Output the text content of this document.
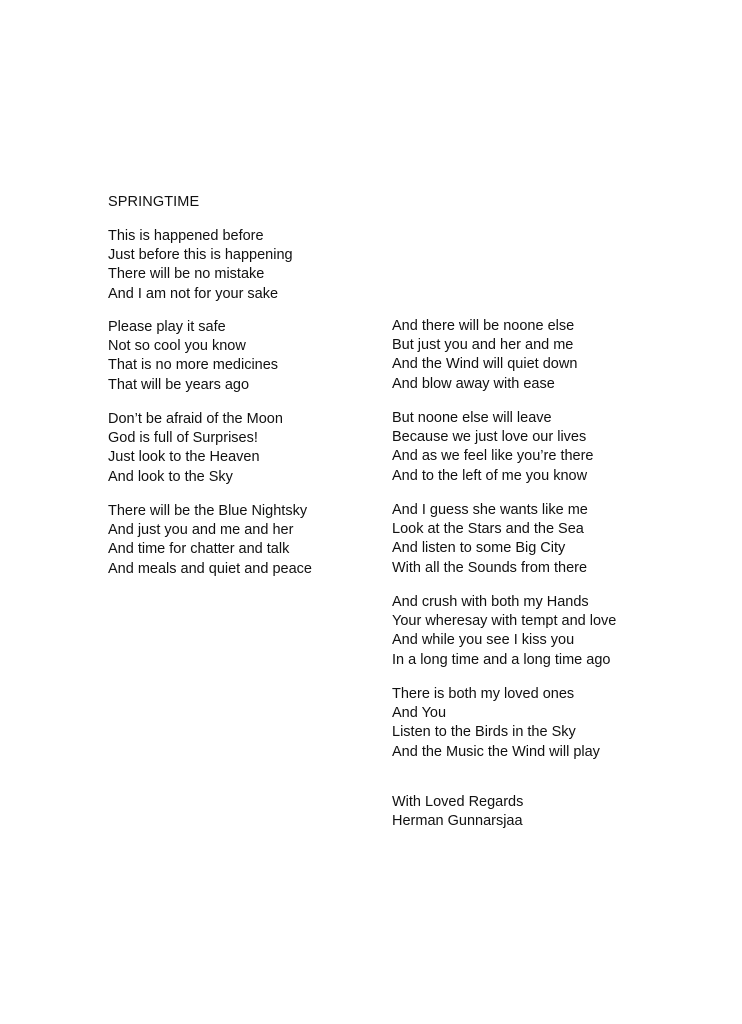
SPRINGTIME
This is happened before
Just before this is happening
There will be no mistake
And I am not for your sake
Please play it safe
Not so cool you know
That is no more medicines
That will be years ago
Don’t be afraid of the Moon
God is full of Surprises!
Just look to the Heaven
And look to the Sky
There will be the Blue Nightsky
And just you and me and her
And time for chatter and talk
And meals and quiet and peace
And there will be noone else
But just you and her and me
And the Wind will quiet down
And blow away with ease
But noone else will leave
Because we just love our lives
And as we feel like you’re there
And to the left of me you know
And I guess she wants like me
Look at the Stars and the Sea
And listen to some Big City
With all the Sounds from there
And crush with both my Hands
Your wheresay with tempt and love
And while you see I kiss you
In a long time and a long time ago
There is both my loved ones
And You
Listen to the Birds in the Sky
And the Music the Wind will play
With Loved Regards
Herman Gunnarsjaa
